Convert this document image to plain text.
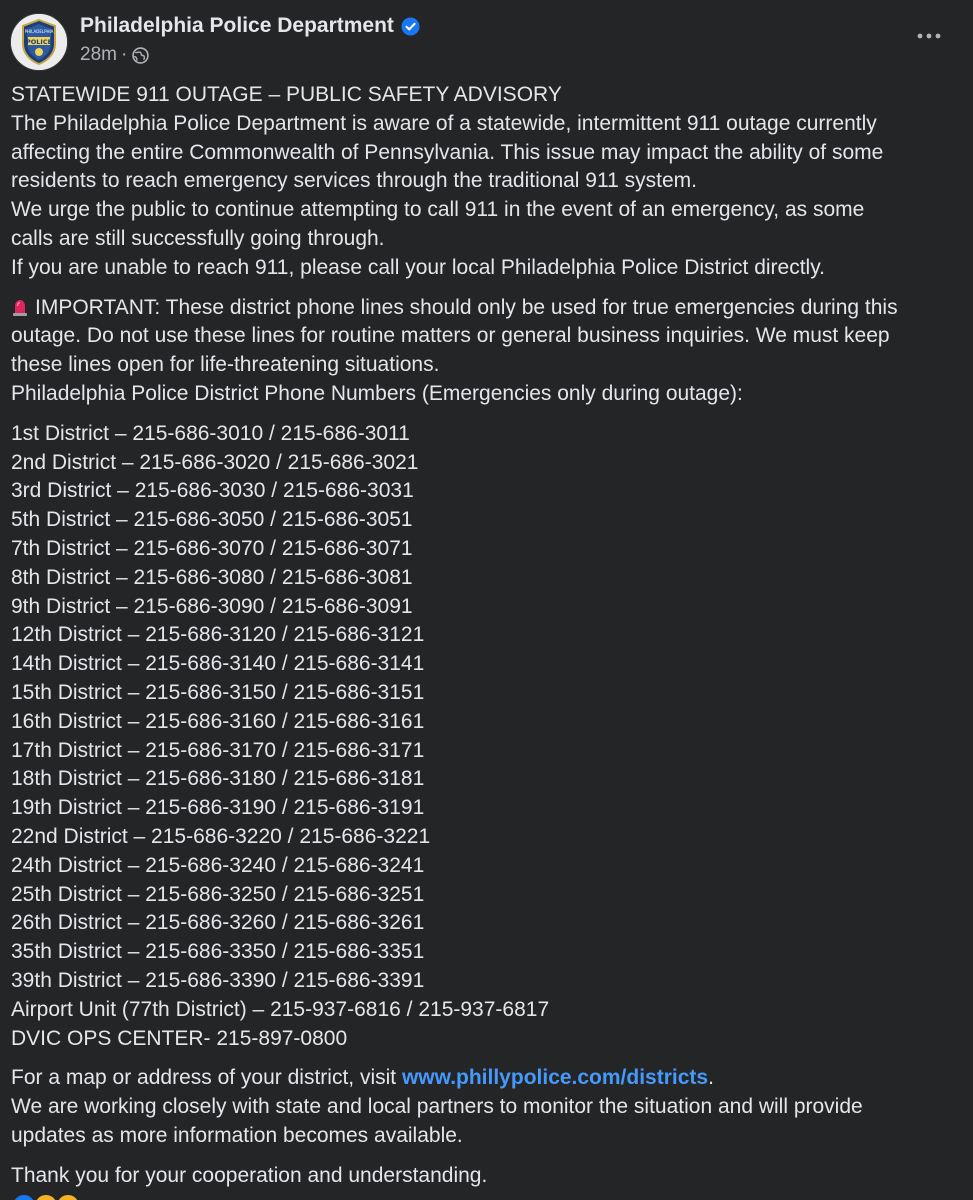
PHILADELPHIA
POLICE
Philadelphia Police Department
28m ·

STATEWIDE 911 OUTAGE – PUBLIC SAFETY ADVISORY
The Philadelphia Police Department is aware of a statewide, intermittent 911 outage currently
affecting the entire Commonwealth of Pennsylvania. This issue may impact the ability of some
residents to reach emergency services through the traditional 911 system.
We urge the public to continue attempting to call 911 in the event of an emergency, as some
calls are still successfully going through.
If you are unable to reach 911, please call your local Philadelphia Police District directly.

IMPORTANT: These district phone lines should only be used for true emergencies during this
outage. Do not use these lines for routine matters or general business inquiries. We must keep
these lines open for life-threatening situations.
Philadelphia Police District Phone Numbers (Emergencies only during outage):

1st District – 215-686-3010 / 215-686-3011
2nd District – 215-686-3020 / 215-686-3021
3rd District – 215-686-3030 / 215-686-3031
5th District – 215-686-3050 / 215-686-3051
7th District – 215-686-3070 / 215-686-3071
8th District – 215-686-3080 / 215-686-3081
9th District – 215-686-3090 / 215-686-3091
12th District – 215-686-3120 / 215-686-3121
14th District – 215-686-3140 / 215-686-3141
15th District – 215-686-3150 / 215-686-3151
16th District – 215-686-3160 / 215-686-3161
17th District – 215-686-3170 / 215-686-3171
18th District – 215-686-3180 / 215-686-3181
19th District – 215-686-3190 / 215-686-3191
22nd District – 215-686-3220 / 215-686-3221
24th District – 215-686-3240 / 215-686-3241
25th District – 215-686-3250 / 215-686-3251
26th District – 215-686-3260 / 215-686-3261
35th District – 215-686-3350 / 215-686-3351
39th District – 215-686-3390 / 215-686-3391
Airport Unit (77th District) – 215-937-6816 / 215-937-6817
DVIC OPS CENTER- 215-897-0800

For a map or address of your district, visit www.phillypolice.com/districts.
We are working closely with state and local partners to monitor the situation and will provide
updates as more information becomes available.

Thank you for your cooperation and understanding.
